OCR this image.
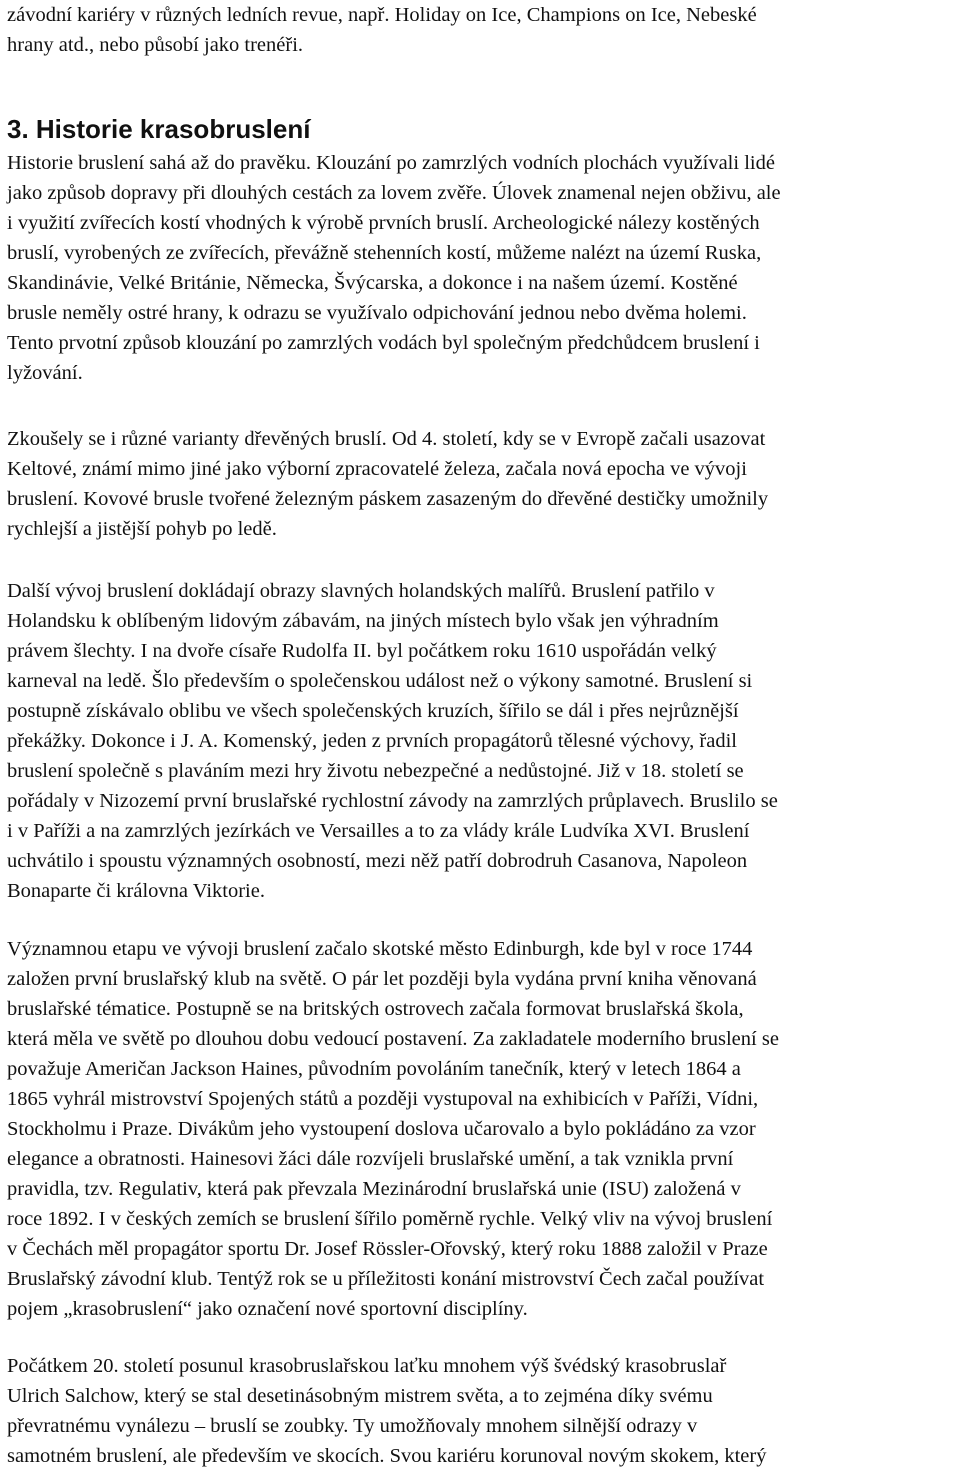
závodní kariéry v různých ledních revue, např. Holiday on Ice, Champions on Ice, Nebeské
hrany atd., nebo působí jako trenéři.
3. Historie krasobruslení
Historie bruslení sahá až do pravěku. Klouzání po zamrzlých vodních plochách využívali lidé
jako způsob dopravy při dlouhých cestách za lovem zvěře. Úlovek znamenal nejen obživu, ale
i využití zvířecích kostí vhodných k výrobě prvních bruslí. Archeologické nálezy kostěných
bruslí, vyrobených ze zvířecích, převážně stehenních kostí, můžeme nalézt na území Ruska,
Skandinávie, Velké Británie, Německa, Švýcarska, a dokonce i na našem území. Kostěné
brusle neměly ostré hrany, k odrazu se využívalo odpichování jednou nebo dvěma holemi.
Tento prvotní způsob klouzání po zamrzlých vodách byl společným předchůdcem bruslení i
lyžování.
Zkoušely se i různé varianty dřevěných bruslí. Od 4. století, kdy se v Evropě začali usazovat
Keltové, známí mimo jiné jako výborní zpracovatelé železa, začala nová epocha ve vývoji
bruslení. Kovové brusle tvořené železným páskem zasazeným do dřevěné destičky umožnily
rychlejší a jistější pohyb po ledě.
Další vývoj bruslení dokládají obrazy slavných holandských malířů. Bruslení patřilo v
Holandsku k oblíbeným lidovým zábavám, na jiných místech bylo však jen výhradním
právem šlechty. I na dvoře císaře Rudolfa II. byl počátkem roku 1610 uspořádán velký
karneval na ledě. Šlo především o společenskou událost než o výkony samotné. Bruslení si
postupně získávalo oblibu ve všech společenských kruzích, šířilo se dál i přes nejrůznější
překážky. Dokonce i J. A. Komenský, jeden z prvních propagátorů tělesné výchovy, řadil
bruslení společně s plaváním mezi hry životu nebezpečné a nedůstojné. Již v 18. století se
pořádaly v Nizozemí první bruslařské rychlostní závody na zamrzlých průplavech. Bruslilo se
i v Paříži a na zamrzlých jezírkách ve Versailles a to za vlády krále Ludvíka XVI. Bruslení
uchvátilo i spoustu významných osobností, mezi něž patří dobrodruh Casanova, Napoleon
Bonaparte či královna Viktorie.
Významnou etapu ve vývoji bruslení začalo skotské město Edinburgh, kde byl v roce 1744
založen první bruslařský klub na světě. O pár let později byla vydána první kniha věnovaná
bruslařské tématice. Postupně se na britských ostrovech začala formovat bruslařská škola,
která měla ve světě po dlouhou dobu vedoucí postavení. Za zakladatele moderního bruslení se
považuje Američan Jackson Haines, původním povoláním tanečník, který v letech 1864 a
1865 vyhrál mistrovství Spojených států a později vystupoval na exhibicích v Paříži, Vídni,
Stockholmu i Praze. Divákům jeho vystoupení doslova učarovalo a bylo pokládáno za vzor
elegance a obratnosti. Hainesovi žáci dále rozvíjeli bruslařské umění, a tak vznikla první
pravidla, tzv. Regulativ, která pak převzala Mezinárodní bruslařská unie (ISU) založená v
roce 1892. I v českých zemích se bruslení šířilo poměrně rychle. Velký vliv na vývoj bruslení
v Čechách měl propagátor sportu Dr. Josef Rössler-Ořovský, který roku 1888 založil v Praze
Bruslařský závodní klub. Tentýž rok se u příležitosti konání mistrovství Čech začal používat
pojem „krasobruslení“ jako označení nové sportovní disciplíny.
Počátkem 20. století posunul krasobruslařskou laťku mnohem výš švédský krasobruslař
Ulrich Salchow, který se stal desetinásobným mistrem světa, a to zejména díky svému
převratnému vynálezu – bruslí se zoubky. Ty umožňovaly mnohem silnější odrazy v
samotném bruslení, ale především ve skocích. Svou kariéru korunoval novým skokem, který
